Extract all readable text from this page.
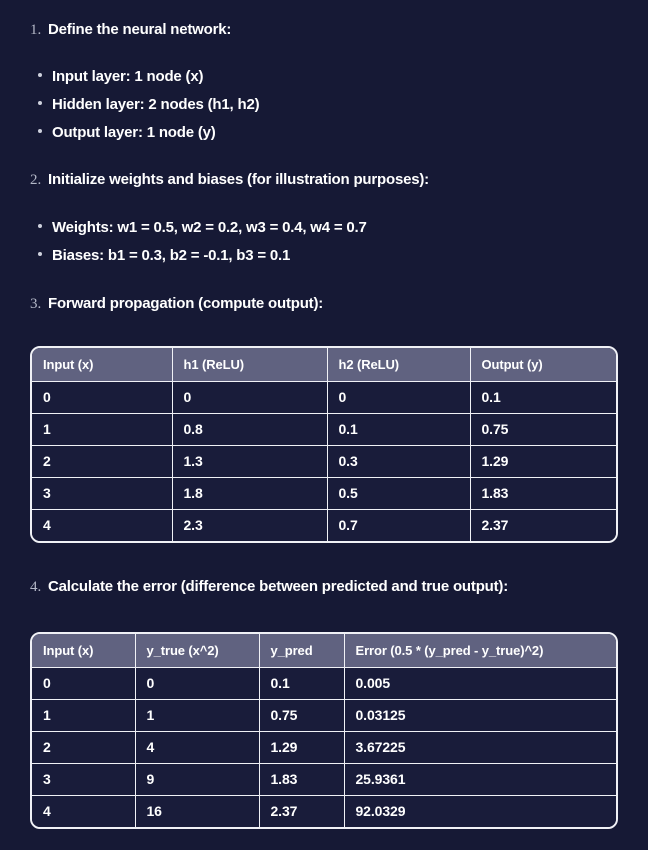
1. Define the neural network:
Input layer: 1 node (x)
Hidden layer: 2 nodes (h1, h2)
Output layer: 1 node (y)
2. Initialize weights and biases (for illustration purposes):
Weights: w1 = 0.5, w2 = 0.2, w3 = 0.4, w4 = 0.7
Biases: b1 = 0.3, b2 = -0.1, b3 = 0.1
3. Forward propagation (compute output):
Input (x)	h1 (ReLU)	h2 (ReLU)	Output (y)
0	0	0	0.1
1	0.8	0.1	0.75
2	1.3	0.3	1.29
3	1.8	0.5	1.83
4	2.3	0.7	2.37
4. Calculate the error (difference between predicted and true output):
Input (x)	y_true (x^2)	y_pred	Error (0.5 * (y_pred - y_true)^2)
0	0	0.1	0.005
1	1	0.75	0.03125
2	4	1.29	3.67225
3	9	1.83	25.9361
4	16	2.37	92.0329
